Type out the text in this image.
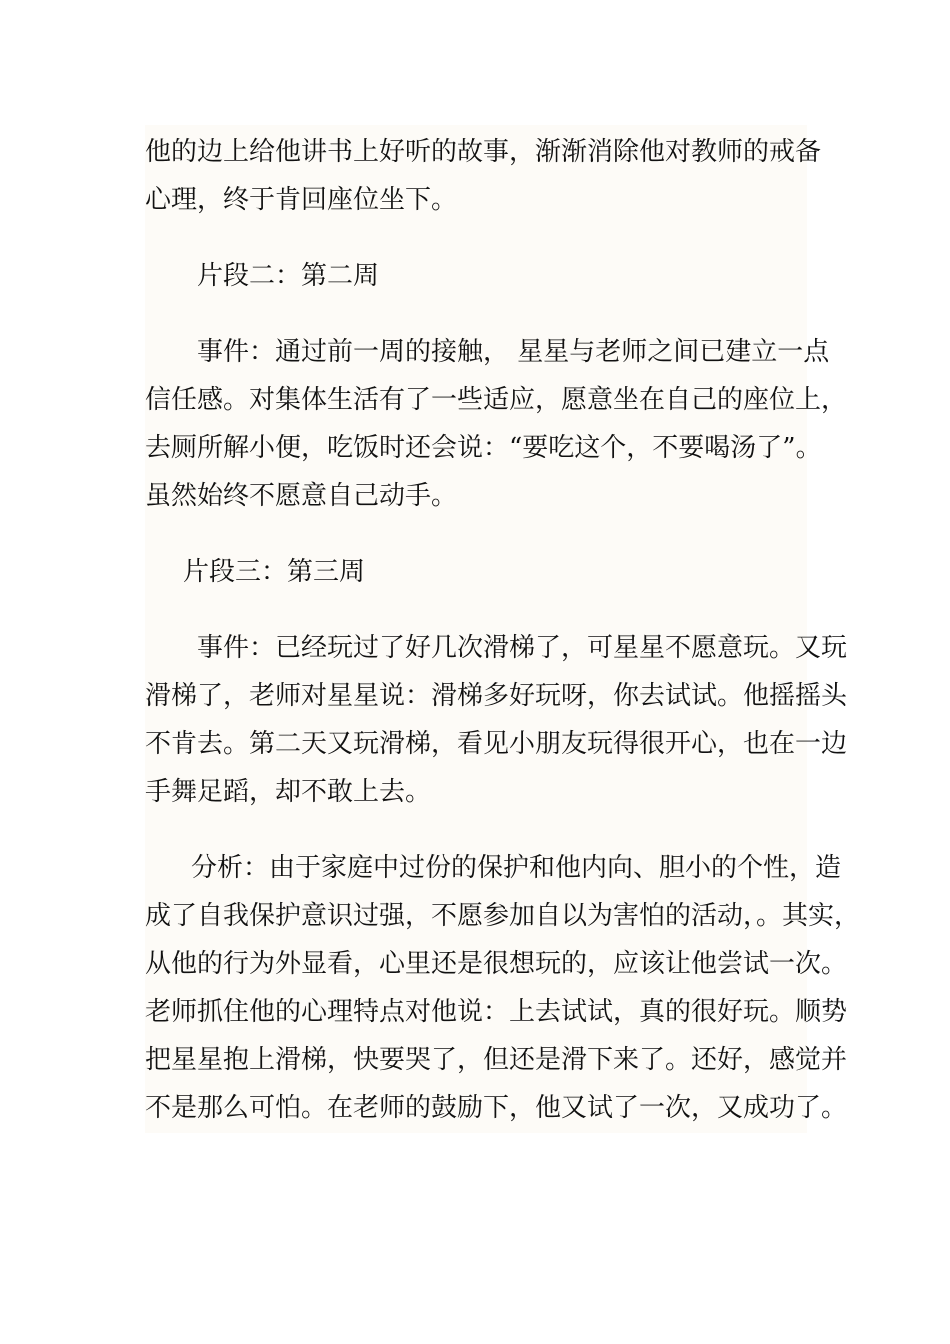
他的边上给他讲书上好听的故事，渐渐消除他对教师的戒备
心理，终于肯回座位坐下。
片段二：第二周
事件：通过前一周的接触， 星星与老师之间已建立一点
信任感。对集体生活有了一些适应，愿意坐在自己的座位上，
去厕所解小便，吃饭时还会说：“要吃这个，不要喝汤了”。
虽然始终不愿意自己动手。
片段三：第三周
事件：已经玩过了好几次滑梯了，可星星不愿意玩。又玩
滑梯了，老师对星星说：滑梯多好玩呀，你去试试。他摇摇头
不肯去。第二天又玩滑梯，看见小朋友玩得很开心，也在一边
手舞足蹈，却不敢上去。
分析：由于家庭中过份的保护和他内向、胆小的个性，造
成了自我保护意识过强，不愿参加自以为害怕的活动，。其实，
从他的行为外显看，心里还是很想玩的，应该让他尝试一次。
老师抓住他的心理特点对他说：上去试试，真的很好玩。顺势
把星星抱上滑梯，快要哭了，但还是滑下来了。还好，感觉并
不是那么可怕。在老师的鼓励下，他又试了一次，又成功了。
